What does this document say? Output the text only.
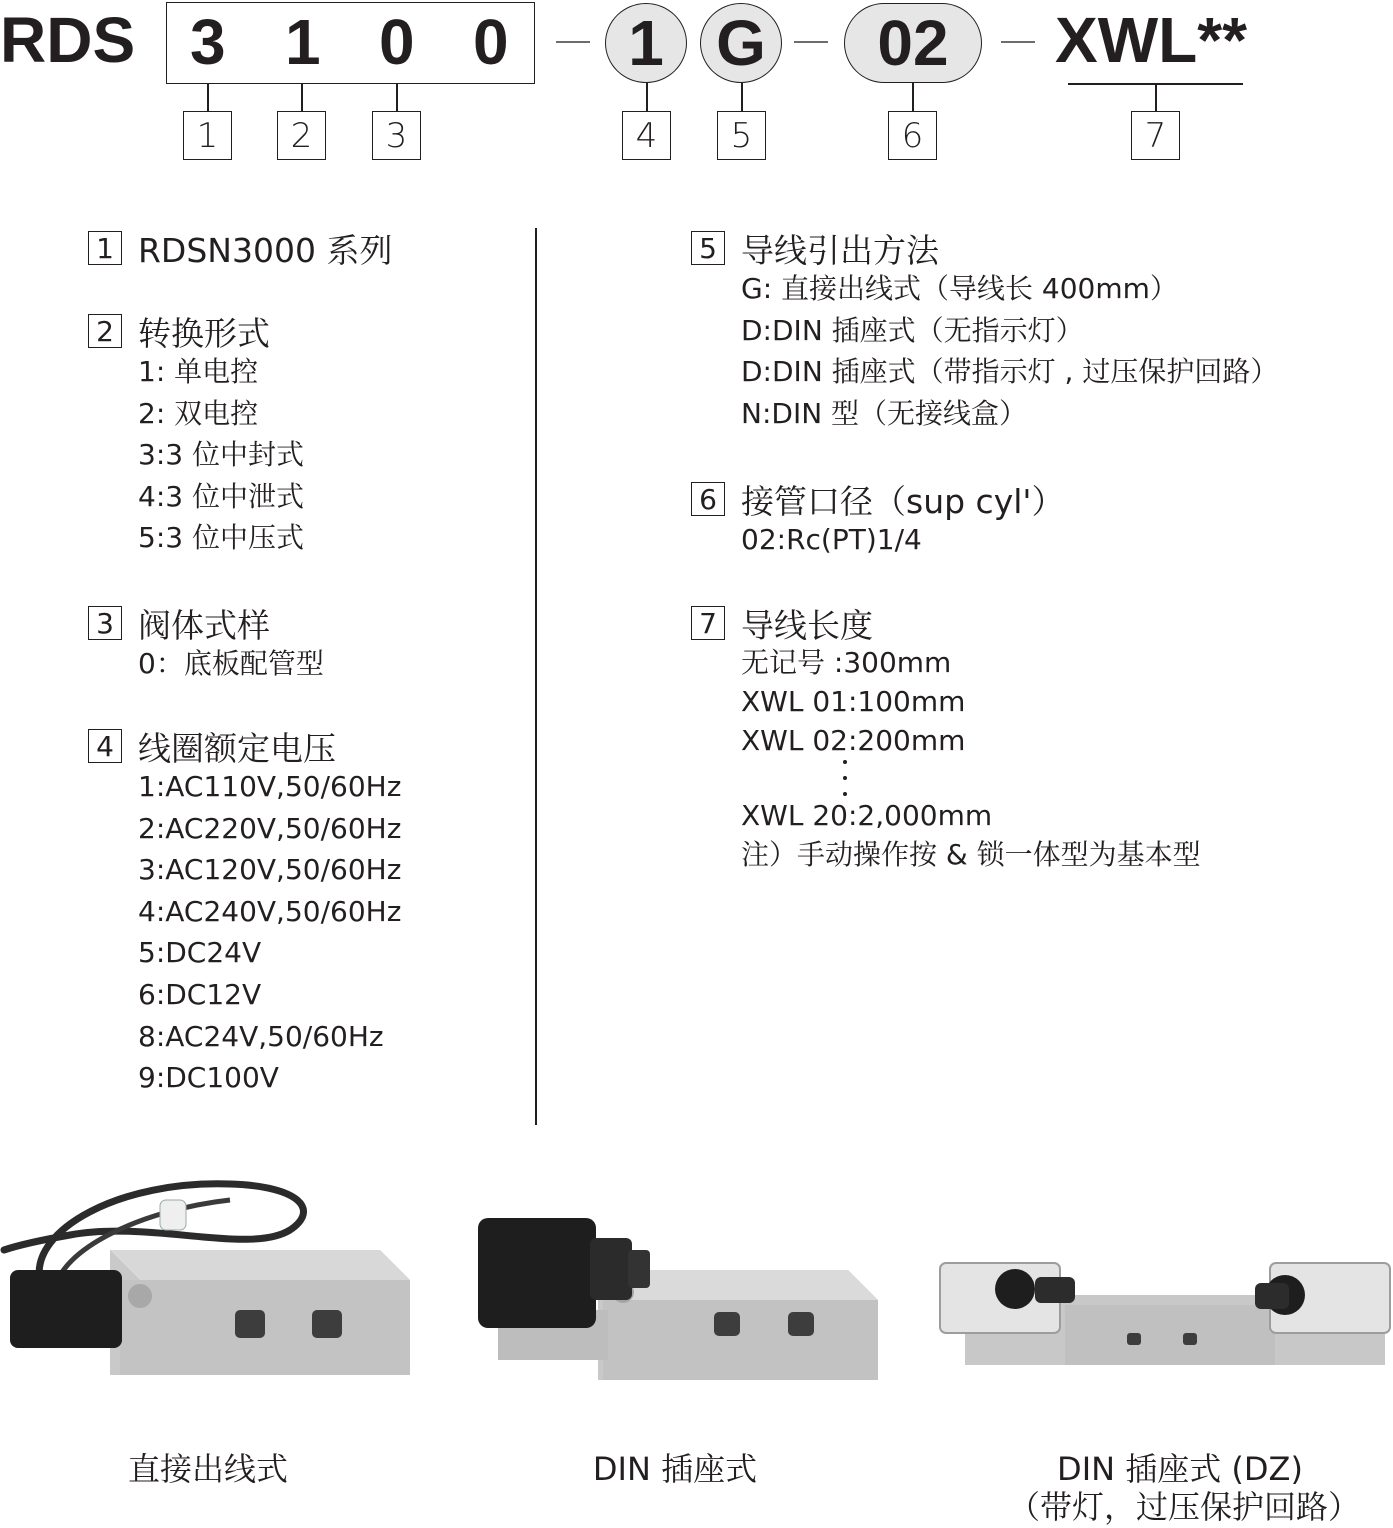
RDS 3 1 0 0 1 G 02 XWL**
1	2	3	4	5	6	7
1 RDSN3000 系列
2 转换形式
1: 单电控
2: 双电控
3:3 位中封式
4:3 位中泄式
5:3 位中压式
3 阀体式样
0：底板配管型
4 线圈额定电压
1:AC110V,50/60Hz
2:AC220V,50/60Hz
3:AC120V,50/60Hz
4:AC240V,50/60Hz
5:DC24V
6:DC12V
8:AC24V,50/60Hz
9:DC100V
5 导线引出方法
G: 直接出线式（导线长 400mm）
D:DIN 插座式（无指示灯）
D:DIN 插座式（带指示灯 , 过压保护回路）
N:DIN 型（无接线盒）
6 接管口径（sup cyl'）
02:Rc(PT)1/4
7 导线长度
无记号 :300mm
XWL 01:100mm
XWL 02:200mm
XWL 20:2,000mm
注）手动操作按 & 锁一体型为基本型
直接出线式	DIN 插座式	DIN 插座式 (DZ)
（带灯，过压保护回路）
